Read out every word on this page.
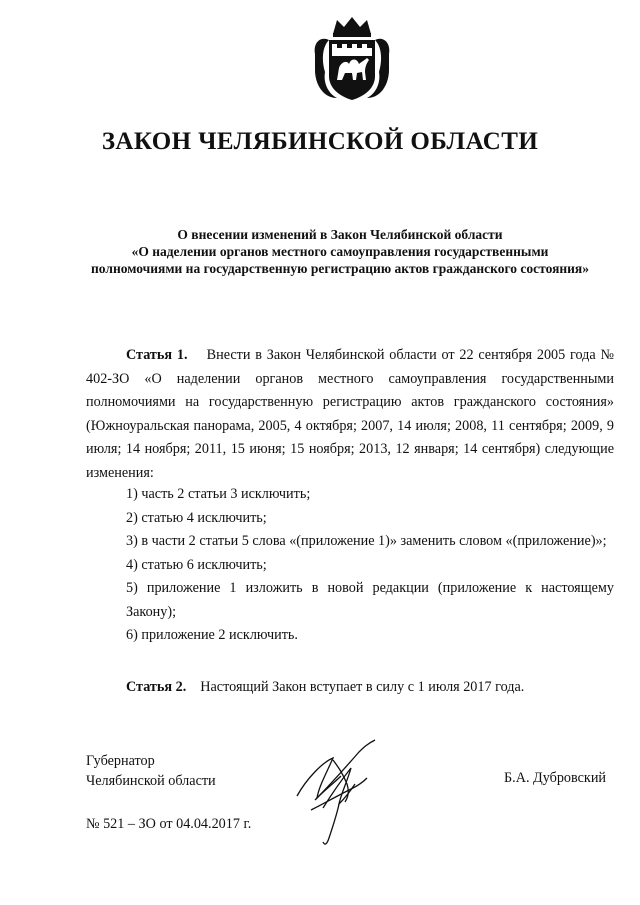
ЗАКОН ЧЕЛЯБИНСКОЙ ОБЛАСТИ
О внесении изменений в Закон Челябинской области
«О наделении органов местного самоуправления государственными
полномочиями на государственную регистрацию актов гражданского состояния»
Статья 1. Внести в Закон Челябинской области от 22 сентября 2005 года № 402-ЗО «О наделении органов местного самоуправления государственными полномочиями на государственную регистрацию актов гражданского состояния» (Южноуральская панорама, 2005, 4 октября; 2007, 14 июля; 2008, 11 сентября; 2009, 9 июля; 14 ноября; 2011, 15 июня; 15 ноября; 2013, 12 января; 14 сентября) следующие изменения:
1) часть 2 статьи 3 исключить;
2) статью 4 исключить;
3) в части 2 статьи 5 слова «(приложение 1)» заменить словом «(приложение)»;
4) статью 6 исключить;
5) приложение 1 изложить в новой редакции (приложение к настоящему Закону);
6) приложение 2 исключить.
Статья 2. Настоящий Закон вступает в силу с 1 июля 2017 года.
Губернатор
Челябинской области	Б.А. Дубровский
№ 521 – ЗО от 04.04.2017 г.
